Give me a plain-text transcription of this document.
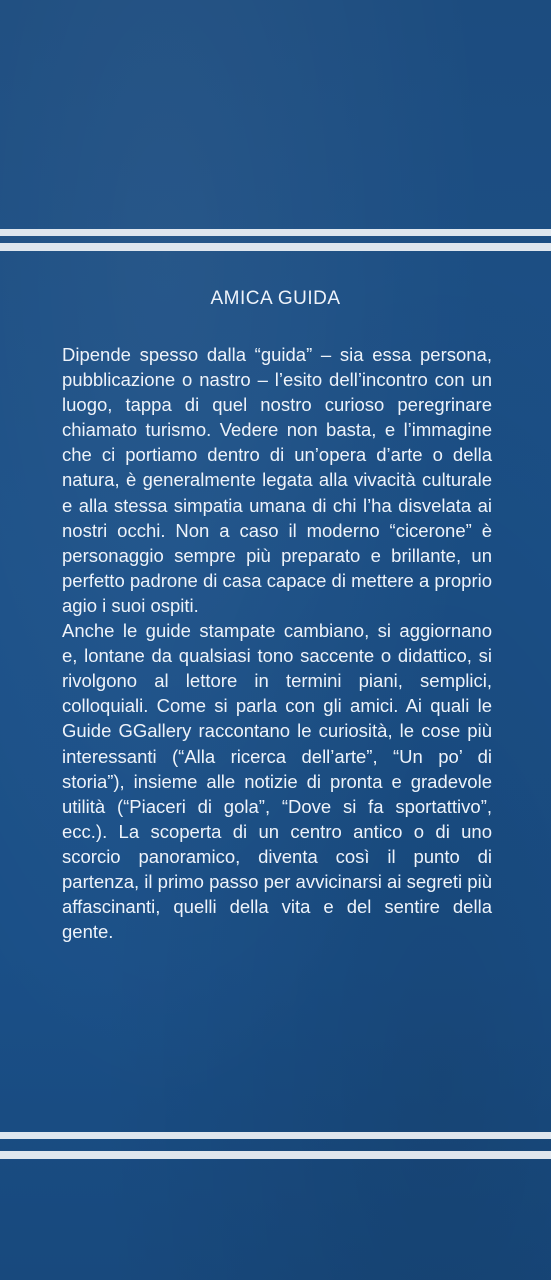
AMICA GUIDA

Dipende spesso dalla “guida” – sia essa persona, pubblicazione o nastro – l’esito dell’incontro con un luogo, tappa di quel nostro curioso peregrinare chiamato turismo. Vedere non basta, e l’immagine che ci portiamo dentro di un’opera d’arte o della natura, è generalmente legata alla vivacità culturale e alla stessa simpatia umana di chi l’ha disvelata ai nostri occhi. Non a caso il moderno “cicerone” è personaggio sempre più preparato e brillante, un perfetto padrone di casa capace di mettere a proprio agio i suoi ospiti.

Anche le guide stampate cambiano, si aggiornano e, lontane da qualsiasi tono saccente o didattico, si rivolgono al lettore in termini piani, semplici, colloquiali. Come si parla con gli amici. Ai quali le Guide GGallery raccontano le curiosità, le cose più interessanti (“Alla ricerca dell’arte”, “Un po’ di storia”), insieme alle notizie di pronta e gradevole utilità (“Piaceri di gola”, “Dove si fa sportattivo”, ecc.). La scoperta di un centro antico o di uno scorcio panoramico, diventa così il punto di partenza, il primo passo per avvicinarsi ai segreti più affascinanti, quelli della vita e del sentire della gente.
